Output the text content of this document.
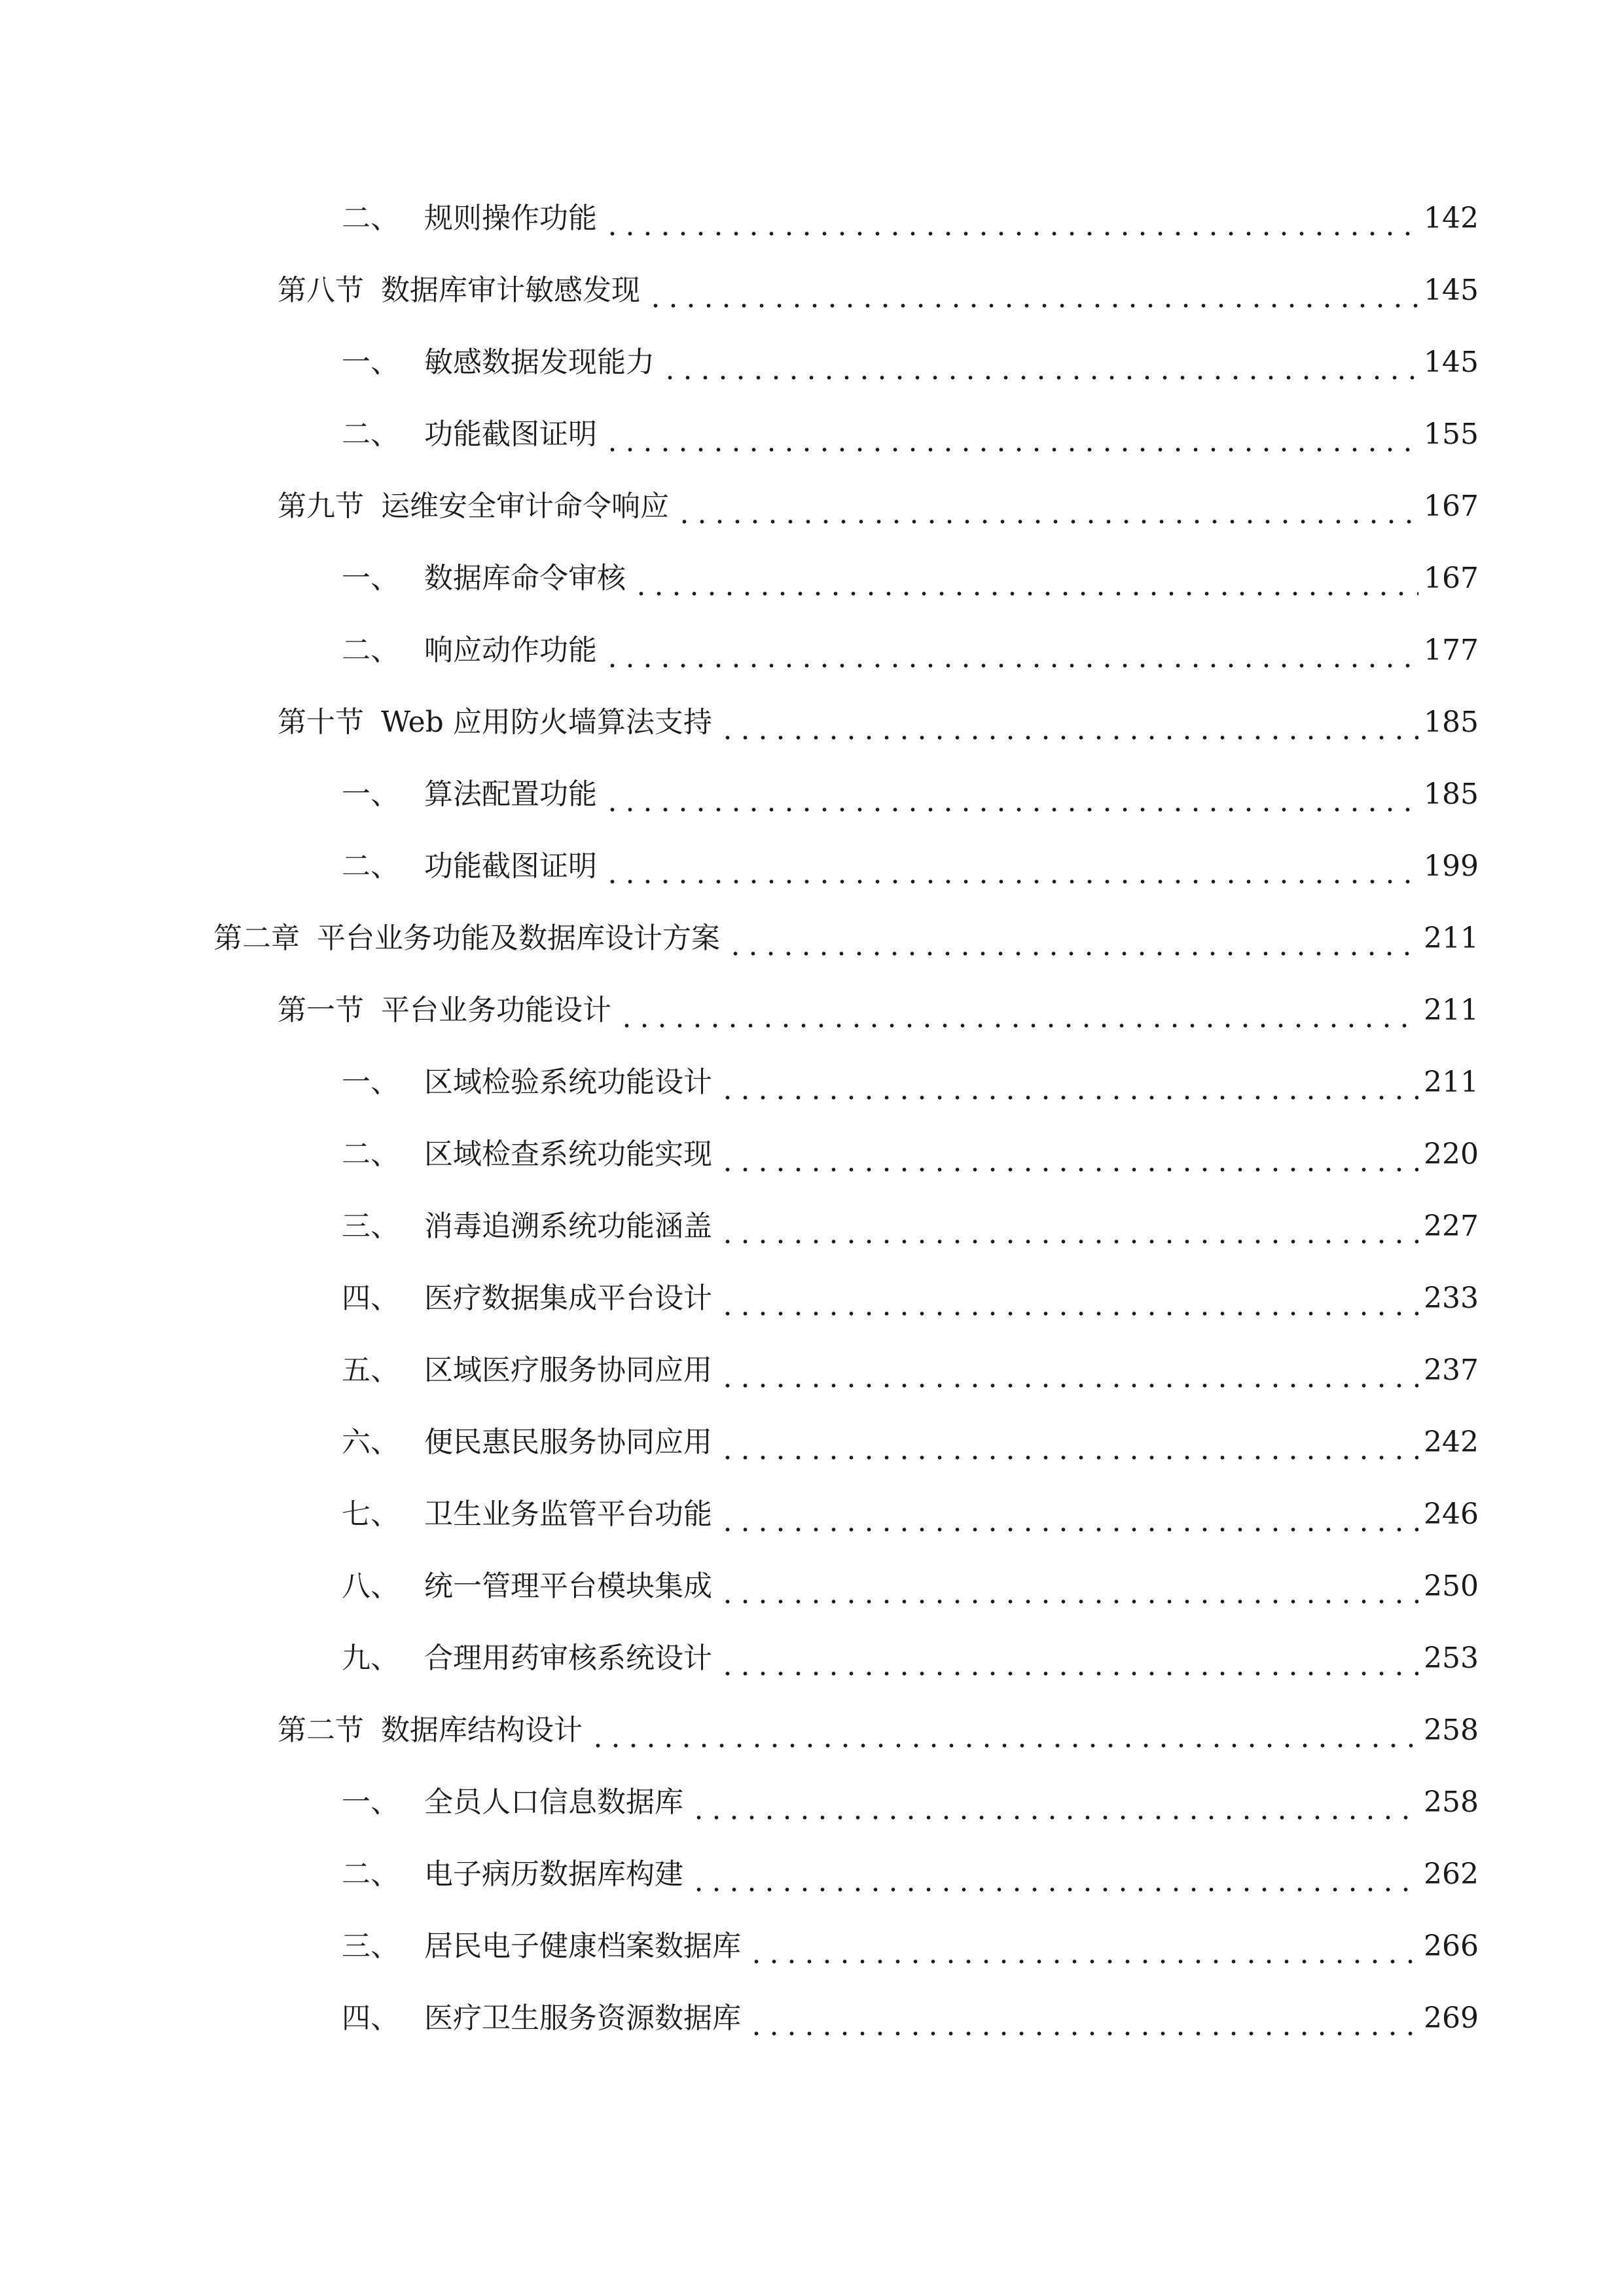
二、 规则操作功能	142
第八节 数据库审计敏感发现	145
一、 敏感数据发现能力	145
二、 功能截图证明	155
第九节 运维安全审计命令响应	167
一、 数据库命令审核	167
二、 响应动作功能	177
第十节 Web 应用防火墙算法支持	185
一、 算法配置功能	185
二、 功能截图证明	199
第二章 平台业务功能及数据库设计方案	211
第一节 平台业务功能设计	211
一、 区域检验系统功能设计	211
二、 区域检查系统功能实现	220
三、 消毒追溯系统功能涵盖	227
四、 医疗数据集成平台设计	233
五、 区域医疗服务协同应用	237
六、 便民惠民服务协同应用	242
七、 卫生业务监管平台功能	246
八、 统一管理平台模块集成	250
九、 合理用药审核系统设计	253
第二节 数据库结构设计	258
一、 全员人口信息数据库	258
二、 电子病历数据库构建	262
三、 居民电子健康档案数据库	266
四、 医疗卫生服务资源数据库	269
